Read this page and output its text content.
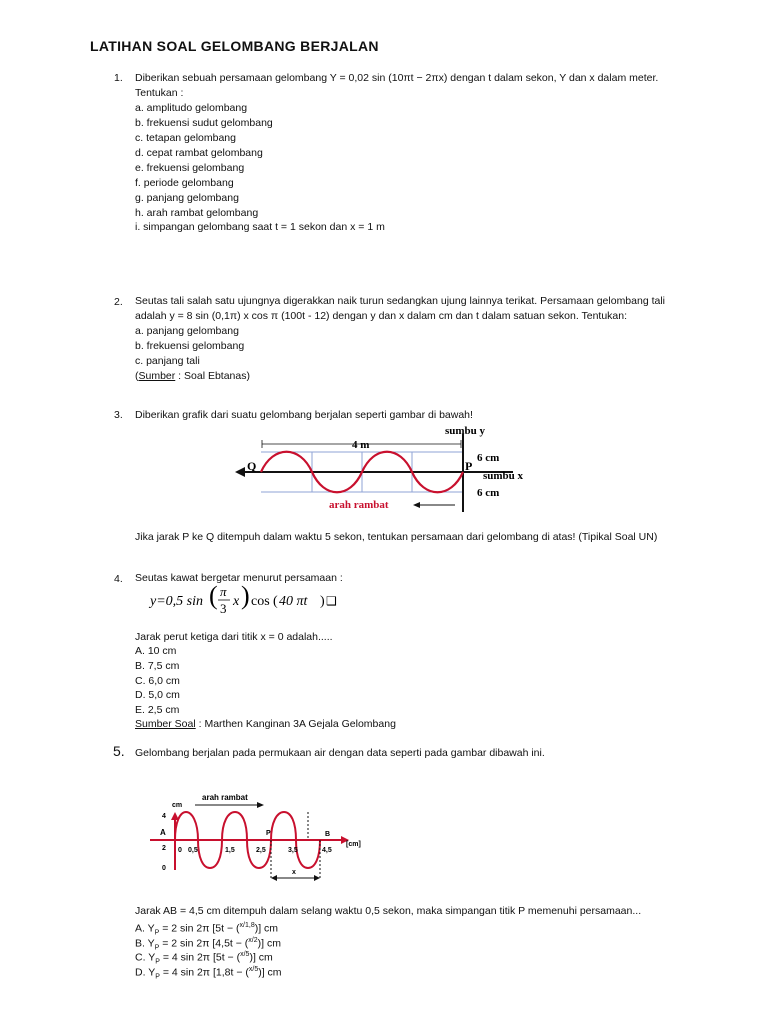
LATIHAN SOAL GELOMBANG BERJALAN
1. Diberikan sebuah persamaan gelombang Y = 0,02 sin (10πt − 2πx) dengan t dalam sekon, Y dan x dalam meter.
Tentukan :
a. amplitudo gelombang
b. frekuensi sudut gelombang
c. tetapan gelombang
d. cepat rambat gelombang
e. frekuensi gelombang
f. periode gelombang
g. panjang gelombang
h. arah rambat gelombang
i. simpangan gelombang saat t = 1 sekon dan x = 1 m
2. Seutas tali salah satu ujungnya digerakkan naik turun sedangkan ujung lainnya terikat. Persamaan gelombang tali
adalah y = 8 sin (0,1π) x cos π (100t - 12) dengan y dan x dalam cm dan t dalam satuan sekon. Tentukan:
a. panjang gelombang
b. frekuensi gelombang
c. panjang tali
(Sumber : Soal Ebtanas)
3. Diberikan grafik dari suatu gelombang berjalan seperti gambar di bawah!
4 m
sumbu y
Q	P
6 cm
sumbu x
6 cm
arah rambat
Jika jarak P ke Q ditempuh dalam waktu 5 sekon, tentukan persamaan dari gelombang di atas! (Tipikal Soal UN)
4. Seutas kawat bergetar menurut persamaan :
y=0,5 sin ( π
3 x ) cos ( 40 πt ) ❑
Jarak perut ketiga dari titik x = 0 adalah.....
A. 10 cm
B. 7,5 cm
C. 6,0 cm
D. 5,0 cm
E. 2,5 cm
Sumber Soal : Marthen Kanginan 3A Gejala Gelombang
5. Gelombang berjalan pada permukaan air dengan data seperti pada gambar dibawah ini.
arah rambat
cm
4
A
2
0
[cm]
x
P	B
0 0,5	1,5	2,5	3,5	4,5
Jarak AB = 4,5 cm ditempuh dalam selang waktu 0,5 sekon, maka simpangan titik P memenuhi persamaan...
A. $Y_P = 2$ sin 2π [5t − ($^{x/1,8}$)] cm
B. $Y_P = 2$ sin 2π [4,5t − ($^{x/2}$)] cm
C. $Y_P = 4$ sin 2π [5t − ($^{x/5}$)] cm
D. $Y_P = 4$ sin 2π [1,8t − ($^{x/5}$)] cm
